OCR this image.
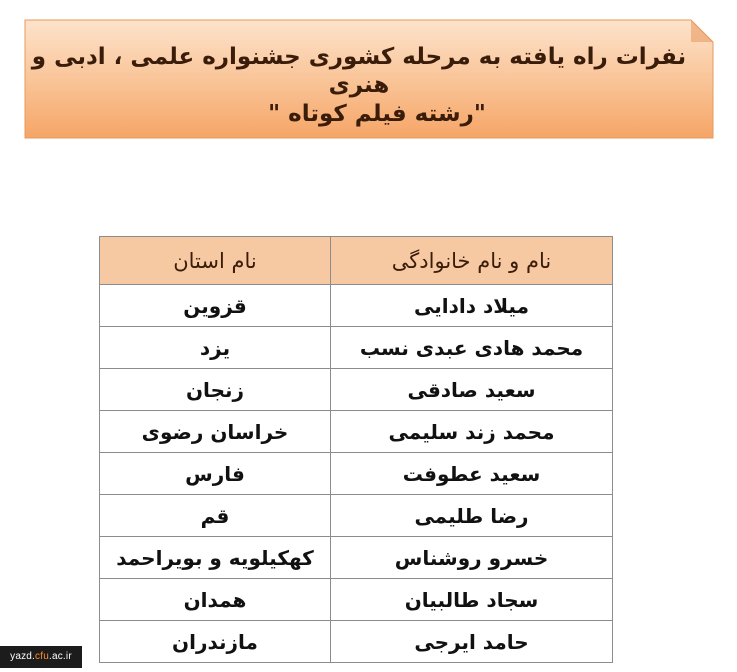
نفرات راه یافته به مرحله کشوری جشنواره علمی ، ادبی و هنری

"رشته فیلم کوتاه "

نام و نام خانوادگی	نام استان
میلاد دادایی	قزوین
محمد هادی عبدی نسب	یزد
سعید صادقی	زنجان
محمد زند سلیمی	خراسان رضوی
سعید عطوفت	فارس
رضا طلیمی	قم
خسرو روشناس	کهکیلویه و بویراحمد
سجاد طالبیان	همدان
حامد ایرجی	مازندران
yazd.cfu.ac.ir
